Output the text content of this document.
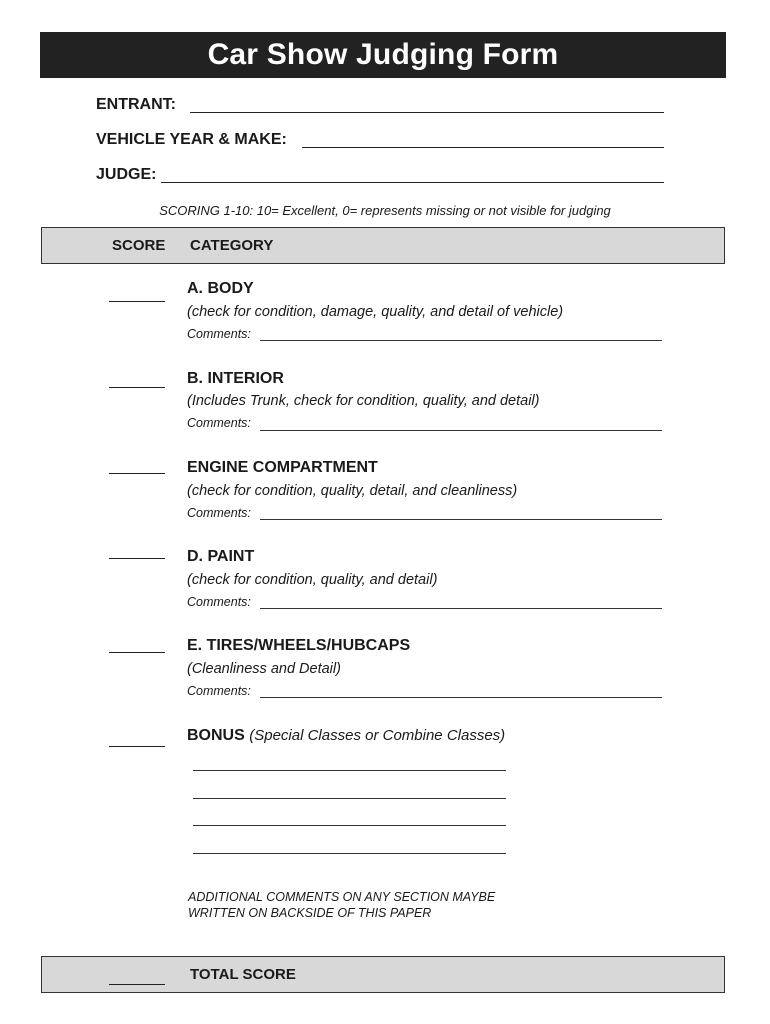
Car Show Judging Form
ENTRANT:
VEHICLE YEAR & MAKE:
JUDGE:
SCORING 1-10: 10= Excellent, 0= represents missing or not visible for judging
SCORE CATEGORY
A. BODY
(check for condition, damage, quality, and detail of vehicle)
Comments:
B. INTERIOR
(Includes Trunk, check for condition, quality, and detail)
Comments:
ENGINE COMPARTMENT
(check for condition, quality, detail, and cleanliness)
Comments:
D. PAINT
(check for condition, quality, and detail)
Comments:
E. TIRES/WHEELS/HUBCAPS
(Cleanliness and Detail)
Comments:
BONUS (Special Classes or Combine Classes)
ADDITIONAL COMMENTS ON ANY SECTION MAYBE
WRITTEN ON BACKSIDE OF THIS PAPER
TOTAL SCORE
